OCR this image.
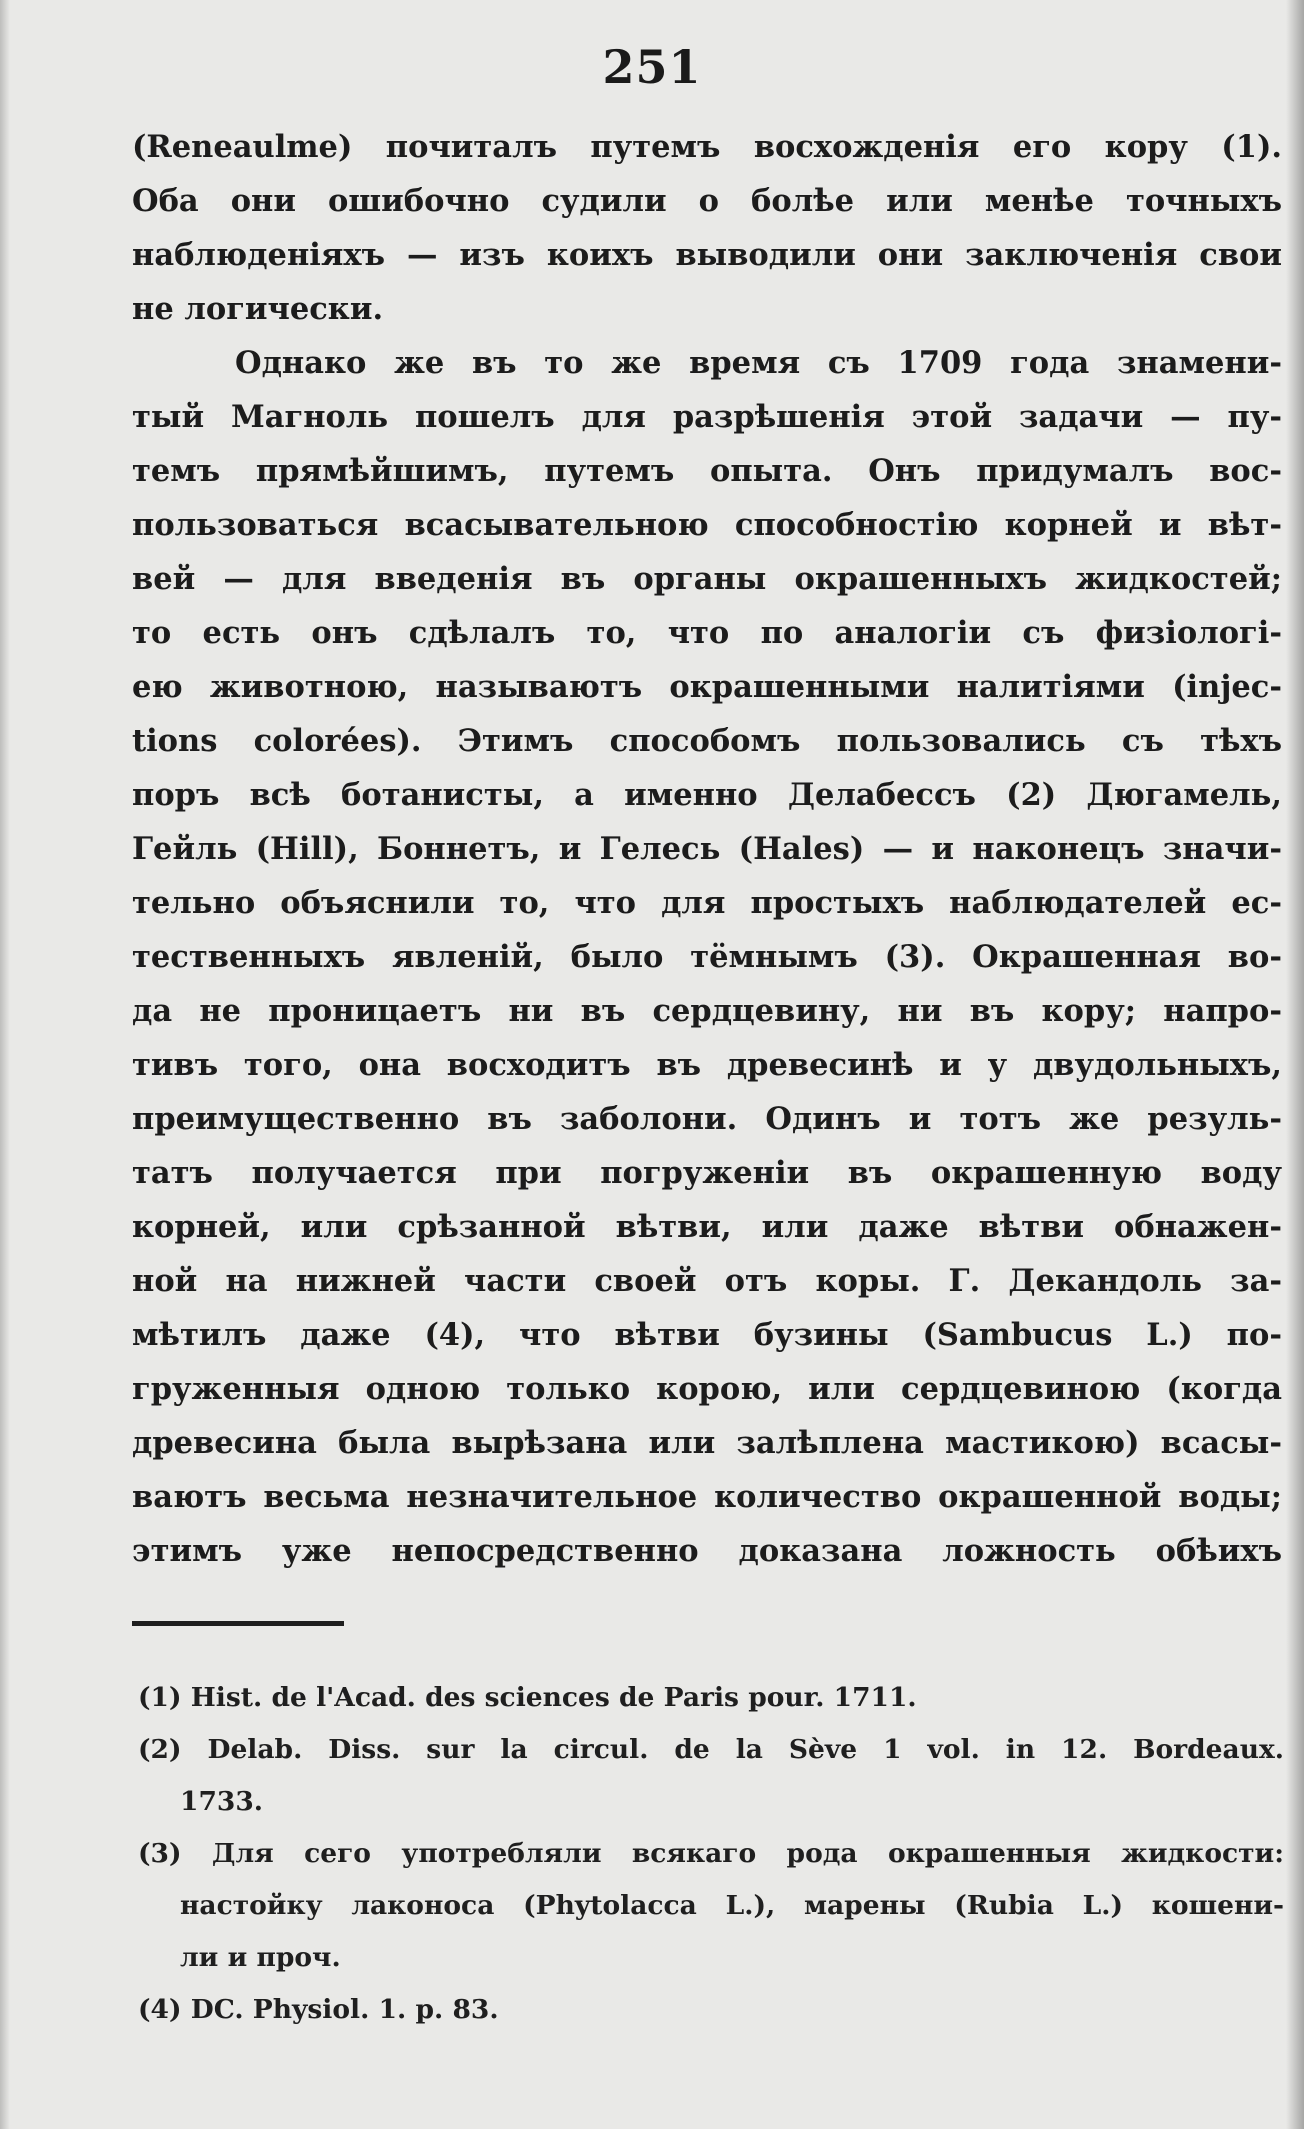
251
(Reneaulme) почиталъ путемъ восхожденія его кору (1).
Оба они ошибочно судили о болѣе или менѣе точныхъ
наблюденіяхъ — изъ коихъ выводили они заключенія свои
не логически.
Однако же въ то же время съ 1709 года знамени-
тый Магноль пошелъ для разрѣшенія этой задачи — пу-
темъ прямѣйшимъ, путемъ опыта. Онъ придумалъ вос-
пользоваться всасывательною способностію корней и вѣт-
вей — для введенія въ органы окрашенныхъ жидкостей;
то есть онъ сдѣлалъ то, что по аналогіи съ физіологі-
ею животною, называютъ окрашенными налитіями (injec-
tions colorées). Этимъ способомъ пользовались съ тѣхъ
поръ всѣ ботанисты, а именно Делабессъ (2) Дюгамель,
Гейль (Hill), Боннетъ, и Гелесь (Hales) — и наконецъ значи-
тельно объяснили то, что для простыхъ наблюдателей ес-
тественныхъ явленій, было тёмнымъ (3). Окрашенная во-
да не проницаетъ ни въ сердцевину, ни въ кору; напро-
тивъ того, она восходитъ въ древесинѣ и у двудольныхъ,
преимущественно въ заболони. Одинъ и тотъ же резуль-
татъ получается при погруженіи въ окрашенную воду
корней, или срѣзанной вѣтви, или даже вѣтви обнажен-
ной на нижней части своей отъ коры. Г. Декандоль за-
мѣтилъ даже (4), что вѣтви бузины (Sambucus L.) по-
груженныя одною только корою, или сердцевиною (когда
древесина была вырѣзана или залѣплена мастикою) всасы-
ваютъ весьма незначительное количество окрашенной воды;
этимъ уже непосредственно доказана ложность обѣихъ
(1) Hist. de l'Acad. des sciences de Paris pour. 1711.
(2) Delab. Diss. sur la circul. de la Sève 1 vol. in 12. Bordeaux.
1733.
(3) Для сего употребляли всякаго рода окрашенныя жидкости:
настойку лаконоса (Phytolacca L.), марены (Rubia L.) кошени-
ли и проч.
(4) DC. Physiol. 1. p. 83.
